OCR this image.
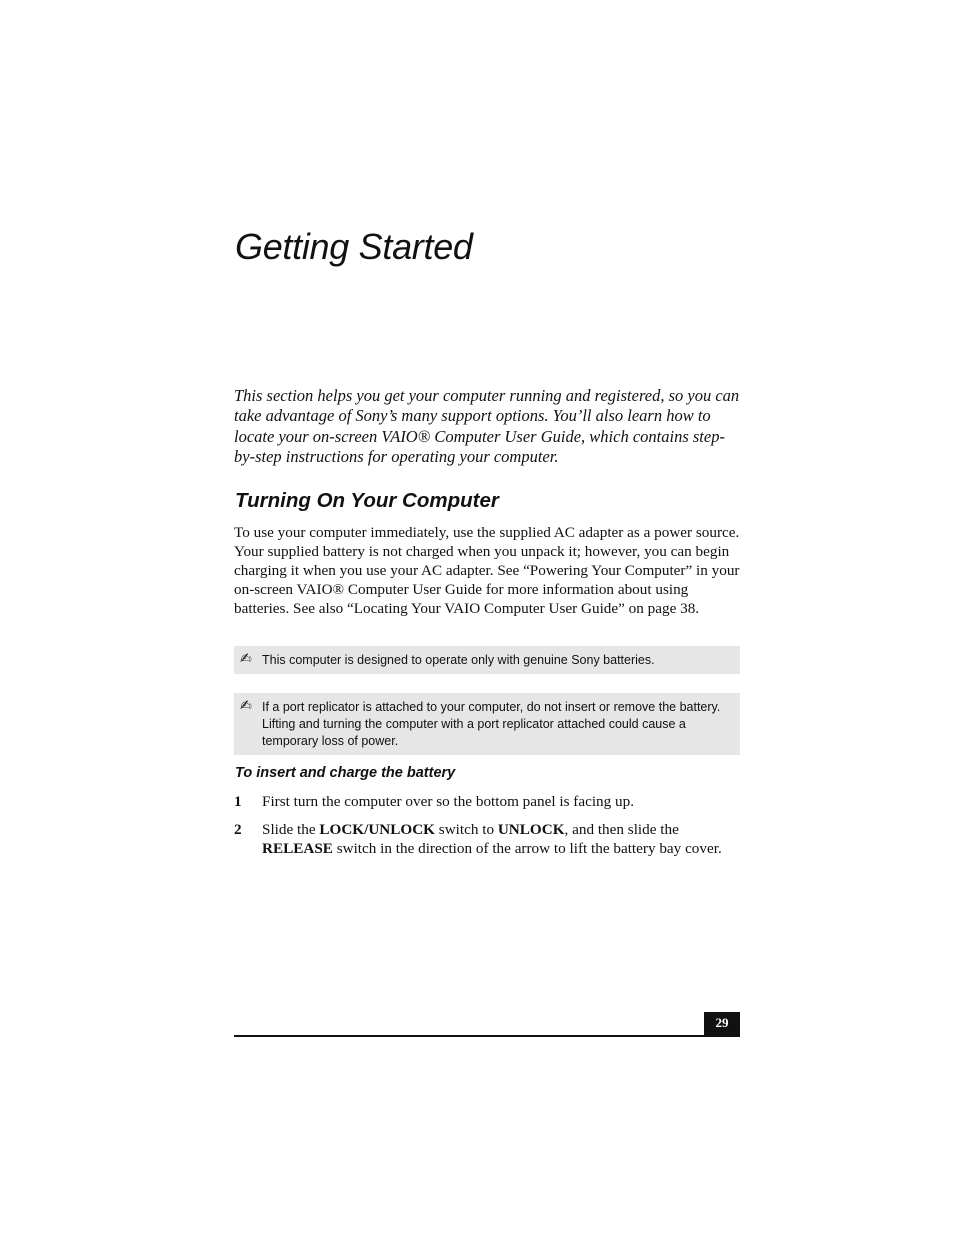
Getting Started

This section helps you get your computer running and registered, so you can take advantage of Sony’s many support options. You’ll also learn how to locate your on-screen VAIO® Computer User Guide, which contains step-by-step instructions for operating your computer.

Turning On Your Computer

To use your computer immediately, use the supplied AC adapter as a power source. Your supplied battery is not charged when you unpack it; however, you can begin charging it when you use your AC adapter. See “Powering Your Computer” in your on-screen VAIO® Computer User Guide for more information about using batteries. See also “Locating Your VAIO Computer User Guide” on page 38.

✍ This computer is designed to operate only with genuine Sony batteries.
✍ If a port replicator is attached to your computer, do not insert or remove the battery. Lifting and turning the computer with a port replicator attached could cause a temporary loss of power.
To insert and charge the battery
1 First turn the computer over so the bottom panel is facing up.
2 Slide the LOCK/UNLOCK switch to UNLOCK, and then slide the RELEASE switch in the direction of the arrow to lift the battery bay cover.
29
